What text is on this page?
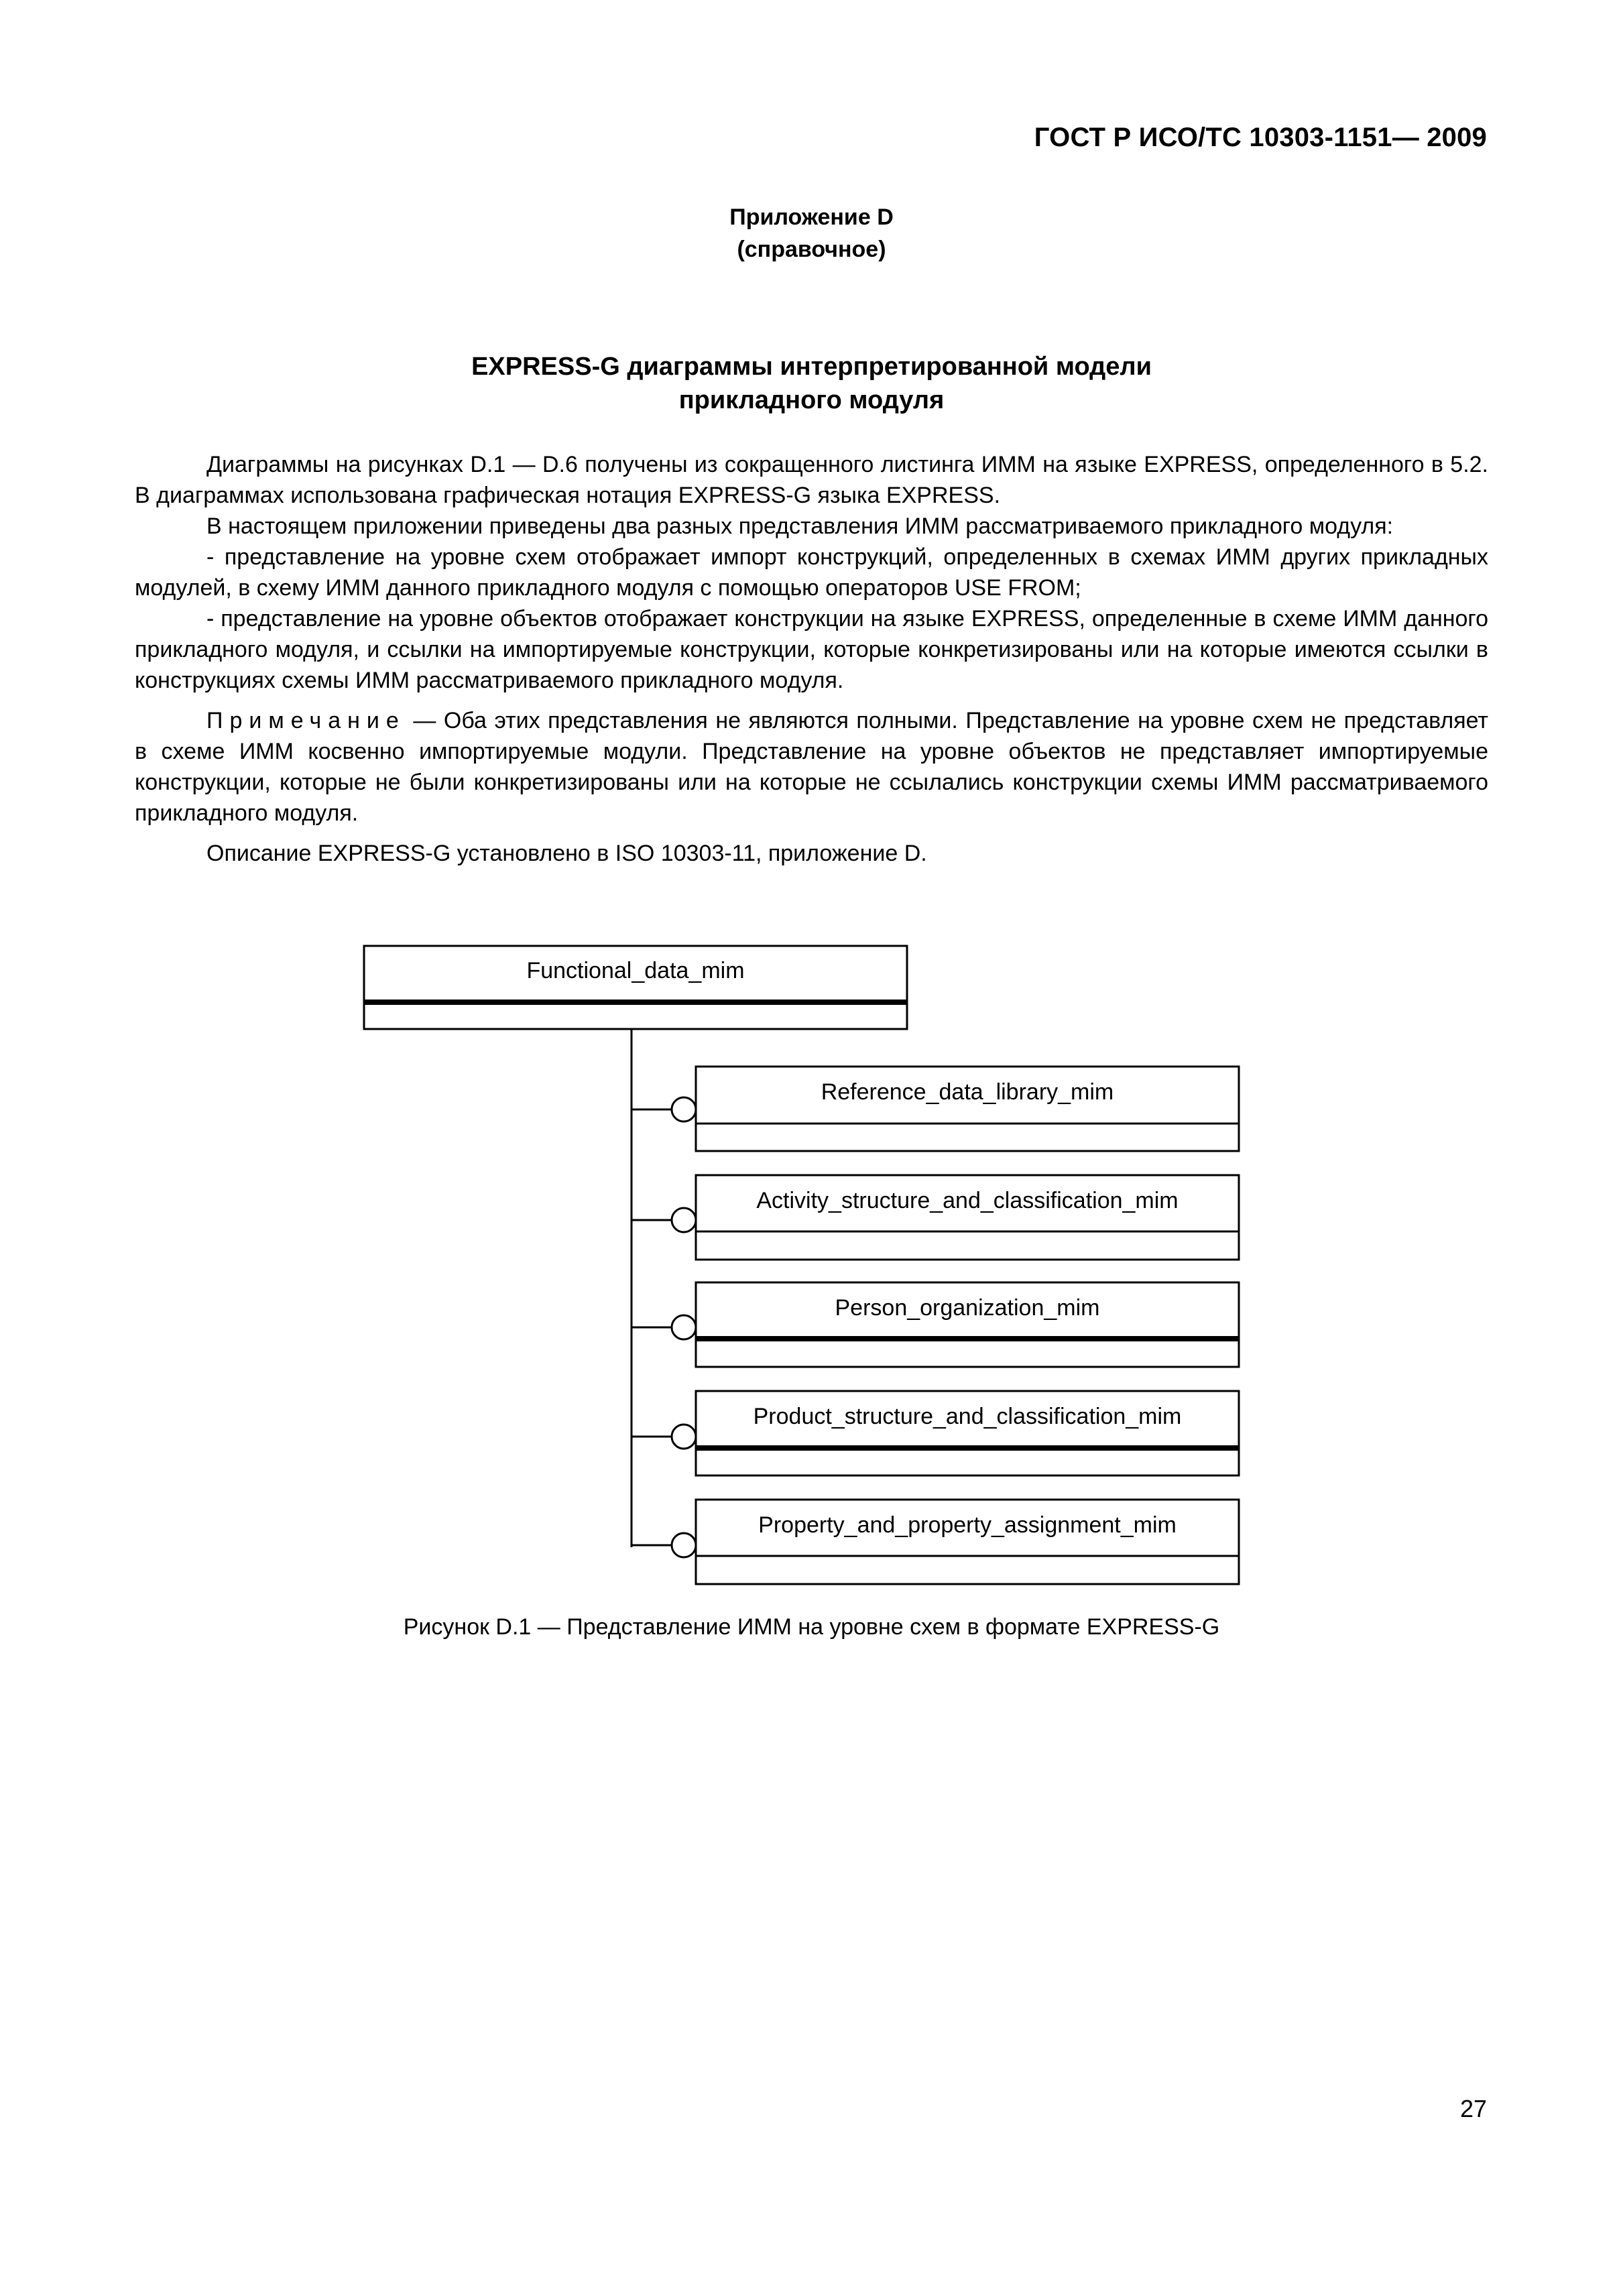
ГОСТ Р ИСО/ТС 10303-1151— 2009
Приложение D
(справочное)
EXPRESS-G диаграммы интерпретированной модели
прикладного модуля

Диаграммы на рисунках D.1 — D.6 получены из сокращенного листинга ИММ на языке EXPRESS, определенного в 5.2. В диаграммах использована графическая нотация EXPRESS-G языка EXPRESS.

В настоящем приложении приведены два разных представления ИММ рассматриваемого прикладного модуля:

- представление на уровне схем отображает импорт конструкций, определенных в схемах ИММ других прикладных модулей, в схему ИММ данного прикладного модуля с помощью операторов USE FROM;

- представление на уровне объектов отображает конструкции на языке EXPRESS, определенные в схеме ИММ данного прикладного модуля, и ссылки на импортируемые конструкции, которые конкретизированы или на которые имеются ссылки в конструкциях схемы ИММ рассматриваемого прикладного модуля.

Примечание — Оба этих представления не являются полными. Представление на уровне схем не представляет в схеме ИММ косвенно импортируемые модули. Представление на уровне объектов не представляет импортируемые конструкции, которые не были конкретизированы или на которые не ссылались конструкции схемы ИММ рассматриваемого прикладного модуля.

Описание EXPRESS-G установлено в ISO 10303-11, приложение D.

Functional_data_mim
Reference_data_library_mim
Activity_structure_and_classification_mim
Person_organization_mim
Product_structure_and_classification_mim
Property_and_property_assignment_mim
Рисунок D.1 — Представление ИММ на уровне схем в формате EXPRESS-G
27
